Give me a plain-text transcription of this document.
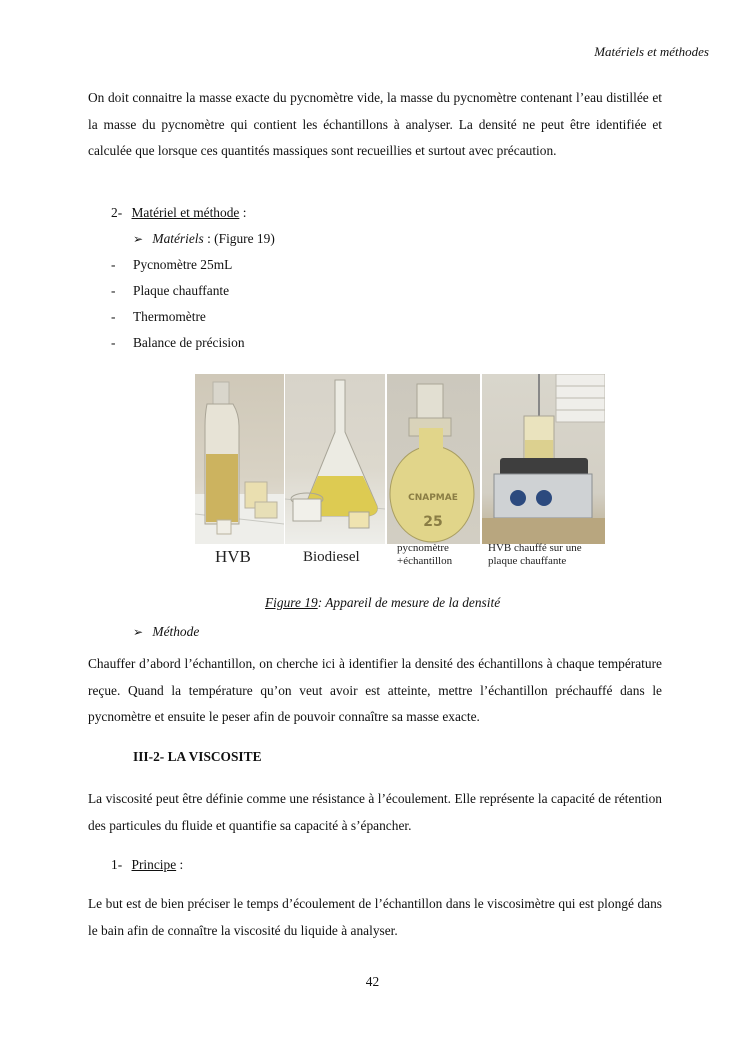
Matériels et méthodes

On doit connaitre la masse exacte du pycnomètre vide, la masse du pycnomètre contenant l’eau distillée et la masse du pycnomètre qui contient les échantillons à analyser. La densité ne peut être identifiée et calculée que lorsque ces quantités massiques sont recueillies et surtout avec précaution.

2- Matériel et méthode :
➢ Matériels : (Figure 19)
- Pycnomètre 25mL
- Plaque chauffante
- Thermomètre
- Balance de précision
CNAPMAE
25
HVB	Biodiesel
pycnomètre +échantillon
HVB chauffé sur une plaque chauffante
Figure 19: Appareil de mesure de la densité
➢ Méthode

Chauffer d’abord l’échantillon, on cherche ici à identifier la densité des échantillons à chaque température reçue. Quand la température qu’on veut avoir est atteinte, mettre l’échantillon préchauffé dans le pycnomètre et ensuite le peser afin de pouvoir connaître sa masse exacte.

III-2- LA VISCOSITE

La viscosité peut être définie comme une résistance à l’écoulement. Elle représente la capacité de rétention des particules du fluide et quantifie sa capacité à s’épancher.

1- Principe :

Le but est de bien préciser le temps d’écoulement de l’échantillon dans le viscosimètre qui est plongé dans le bain afin de connaître la viscosité du liquide à analyser.

42
